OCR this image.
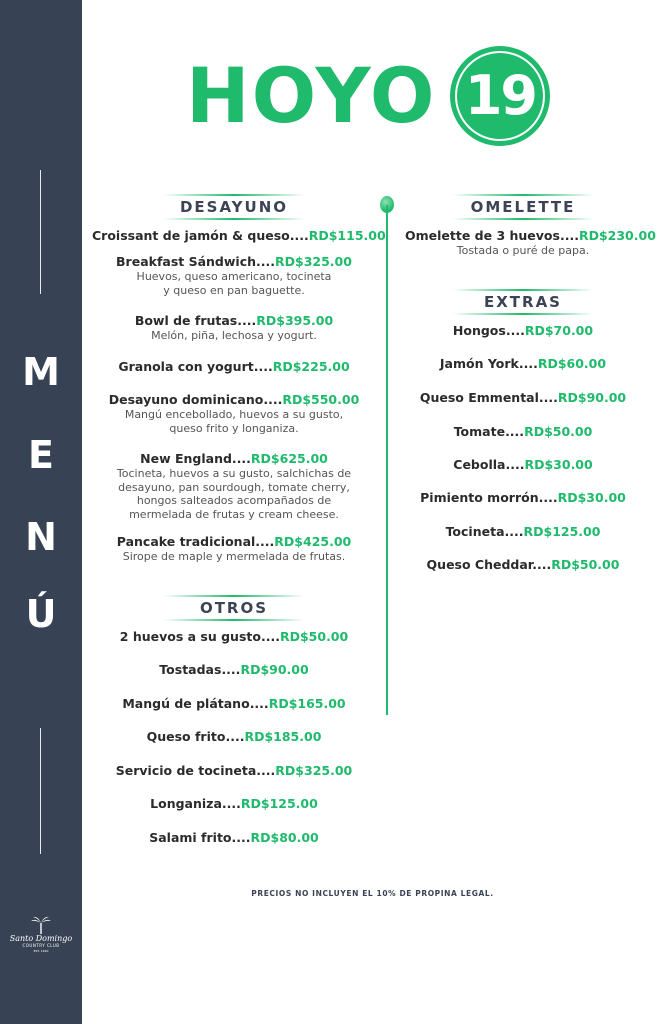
M
E
N
Ú
Santo Domingo
COUNTRY CLUB
EST. 1920
HOYO 19
DESAYUNO
Croissant de jamón & queso....RD$115.00
Breakfast Sándwich....RD$325.00
Huevos, queso americano, tocineta
y queso en pan baguette.
Bowl de frutas....RD$395.00
Melón, piña, lechosa y yogurt.
Granola con yogurt....RD$225.00
Desayuno dominicano....RD$550.00
Mangú encebollado, huevos a su gusto,
queso frito y longaniza.
New England....RD$625.00
Tocineta, huevos a su gusto, salchichas de
desayuno, pan sourdough, tomate cherry,
hongos salteados acompañados de
mermelada de frutas y cream cheese.
Pancake tradicional....RD$425.00
Sirope de maple y mermelada de frutas.
OTROS
2 huevos a su gusto....RD$50.00
Tostadas....RD$90.00
Mangú de plátano....RD$165.00
Queso frito....RD$185.00
Servicio de tocineta....RD$325.00
Longaniza....RD$125.00
Salami frito....RD$80.00
OMELETTE
Omelette de 3 huevos....RD$230.00
Tostada o puré de papa.
EXTRAS
Hongos....RD$70.00
Jamón York....RD$60.00
Queso Emmental....RD$90.00
Tomate....RD$50.00
Cebolla....RD$30.00
Pimiento morrón....RD$30.00
Tocineta....RD$125.00
Queso Cheddar....RD$50.00
PRECIOS NO INCLUYEN EL 10% DE PROPINA LEGAL.
